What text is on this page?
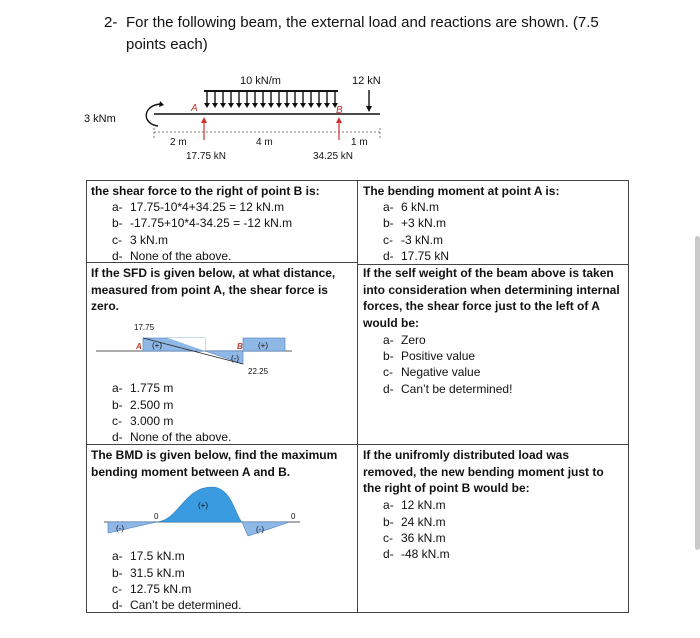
2- For the following beam, the external load and reactions are shown. (7.5
points each)
10 kN/m	12 kN
A	B
3 kNm
2 m	4 m	1 m
17.75 kN	34.25 kN
the shear force to the right of point B is:
a- 17.75-10*4+34.25 = 12 kN.m
b- -17.75+10*4-34.25 = -12 kN.m
c- 3 kN.m
d- None of the above.
The bending moment at point A is:
a- 6 kN.m
b- +3 kN.m
c- -3 kN.m
d- 17.75 kN
If the SFD is given below, at what distance,
measured from point A, the shear force is
zero.
17.75
A (+)	B
(-)
(+)
22.25
a- 1.775 m
b- 2.500 m
c- 3.000 m
d- None of the above.
If the self weight of the beam above is taken
into consideration when determining internal
forces, the shear force just to the left of A
would be:
a- Zero
b- Positive value
c- Negative value
d- Can’t be determined!
The BMD is given below, find the maximum
bending moment between A and B.
(-)
0
(+)
(-)
0
a- 17.5 kN.m
b- 31.5 kN.m
c- 12.75 kN.m
d- Can’t be determined.
If the unifromly distributed load was
removed, the new bending moment just to
the right of point B would be:
a- 12 kN.m
b- 24 kN.m
c- 36 kN.m
d- -48 kN.m
